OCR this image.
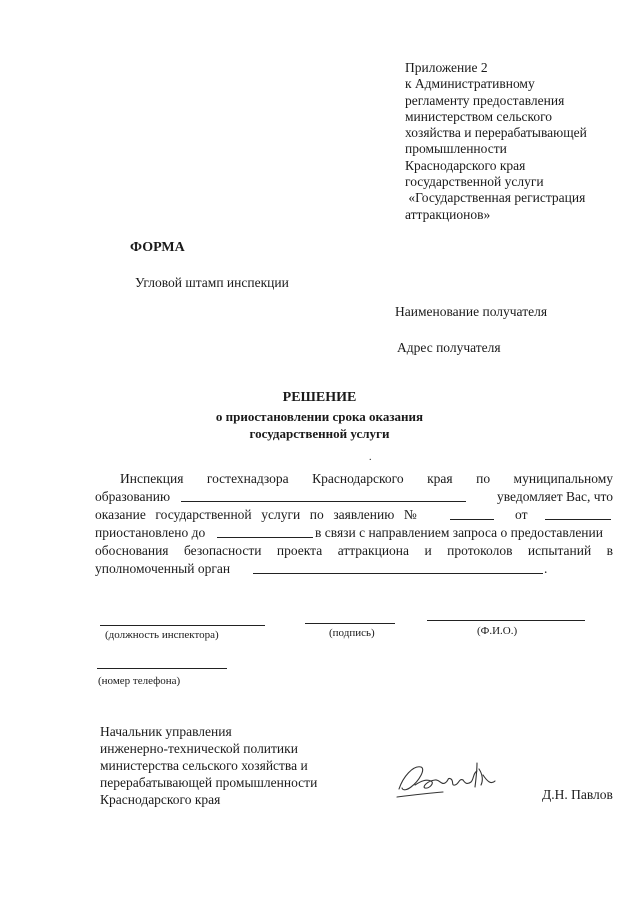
Приложение 2
к Административному
регламенту предоставления
министерством сельского
хозяйства и перерабатывающей
промышленности
Краснодарского края
государственной услуги
«Государственная регистрация
аттракционов»
ФОРМА
Угловой штамп инспекции
Наименование получателя
Адрес получателя
РЕШЕНИЕ
о приостановлении срока оказания
государственной услуги
.
Инспекция гостехнадзора Краснодарского края по муниципальному
образованию	уведомляет Вас, что
оказание государственной услуги по заявлению №	от
приостановлено до	в связи с направлением запроса о предоставлении
обоснования безопасности проекта аттракциона и протоколов испытаний в
уполномоченный орган	.
(должность инспектора)	(подпись)	(Ф.И.О.)
(номер телефона)
Начальник управления
инженерно-технической политики
министерства сельского хозяйства и
перерабатывающей промышленности
Краснодарского края	Д.Н. Павлов
